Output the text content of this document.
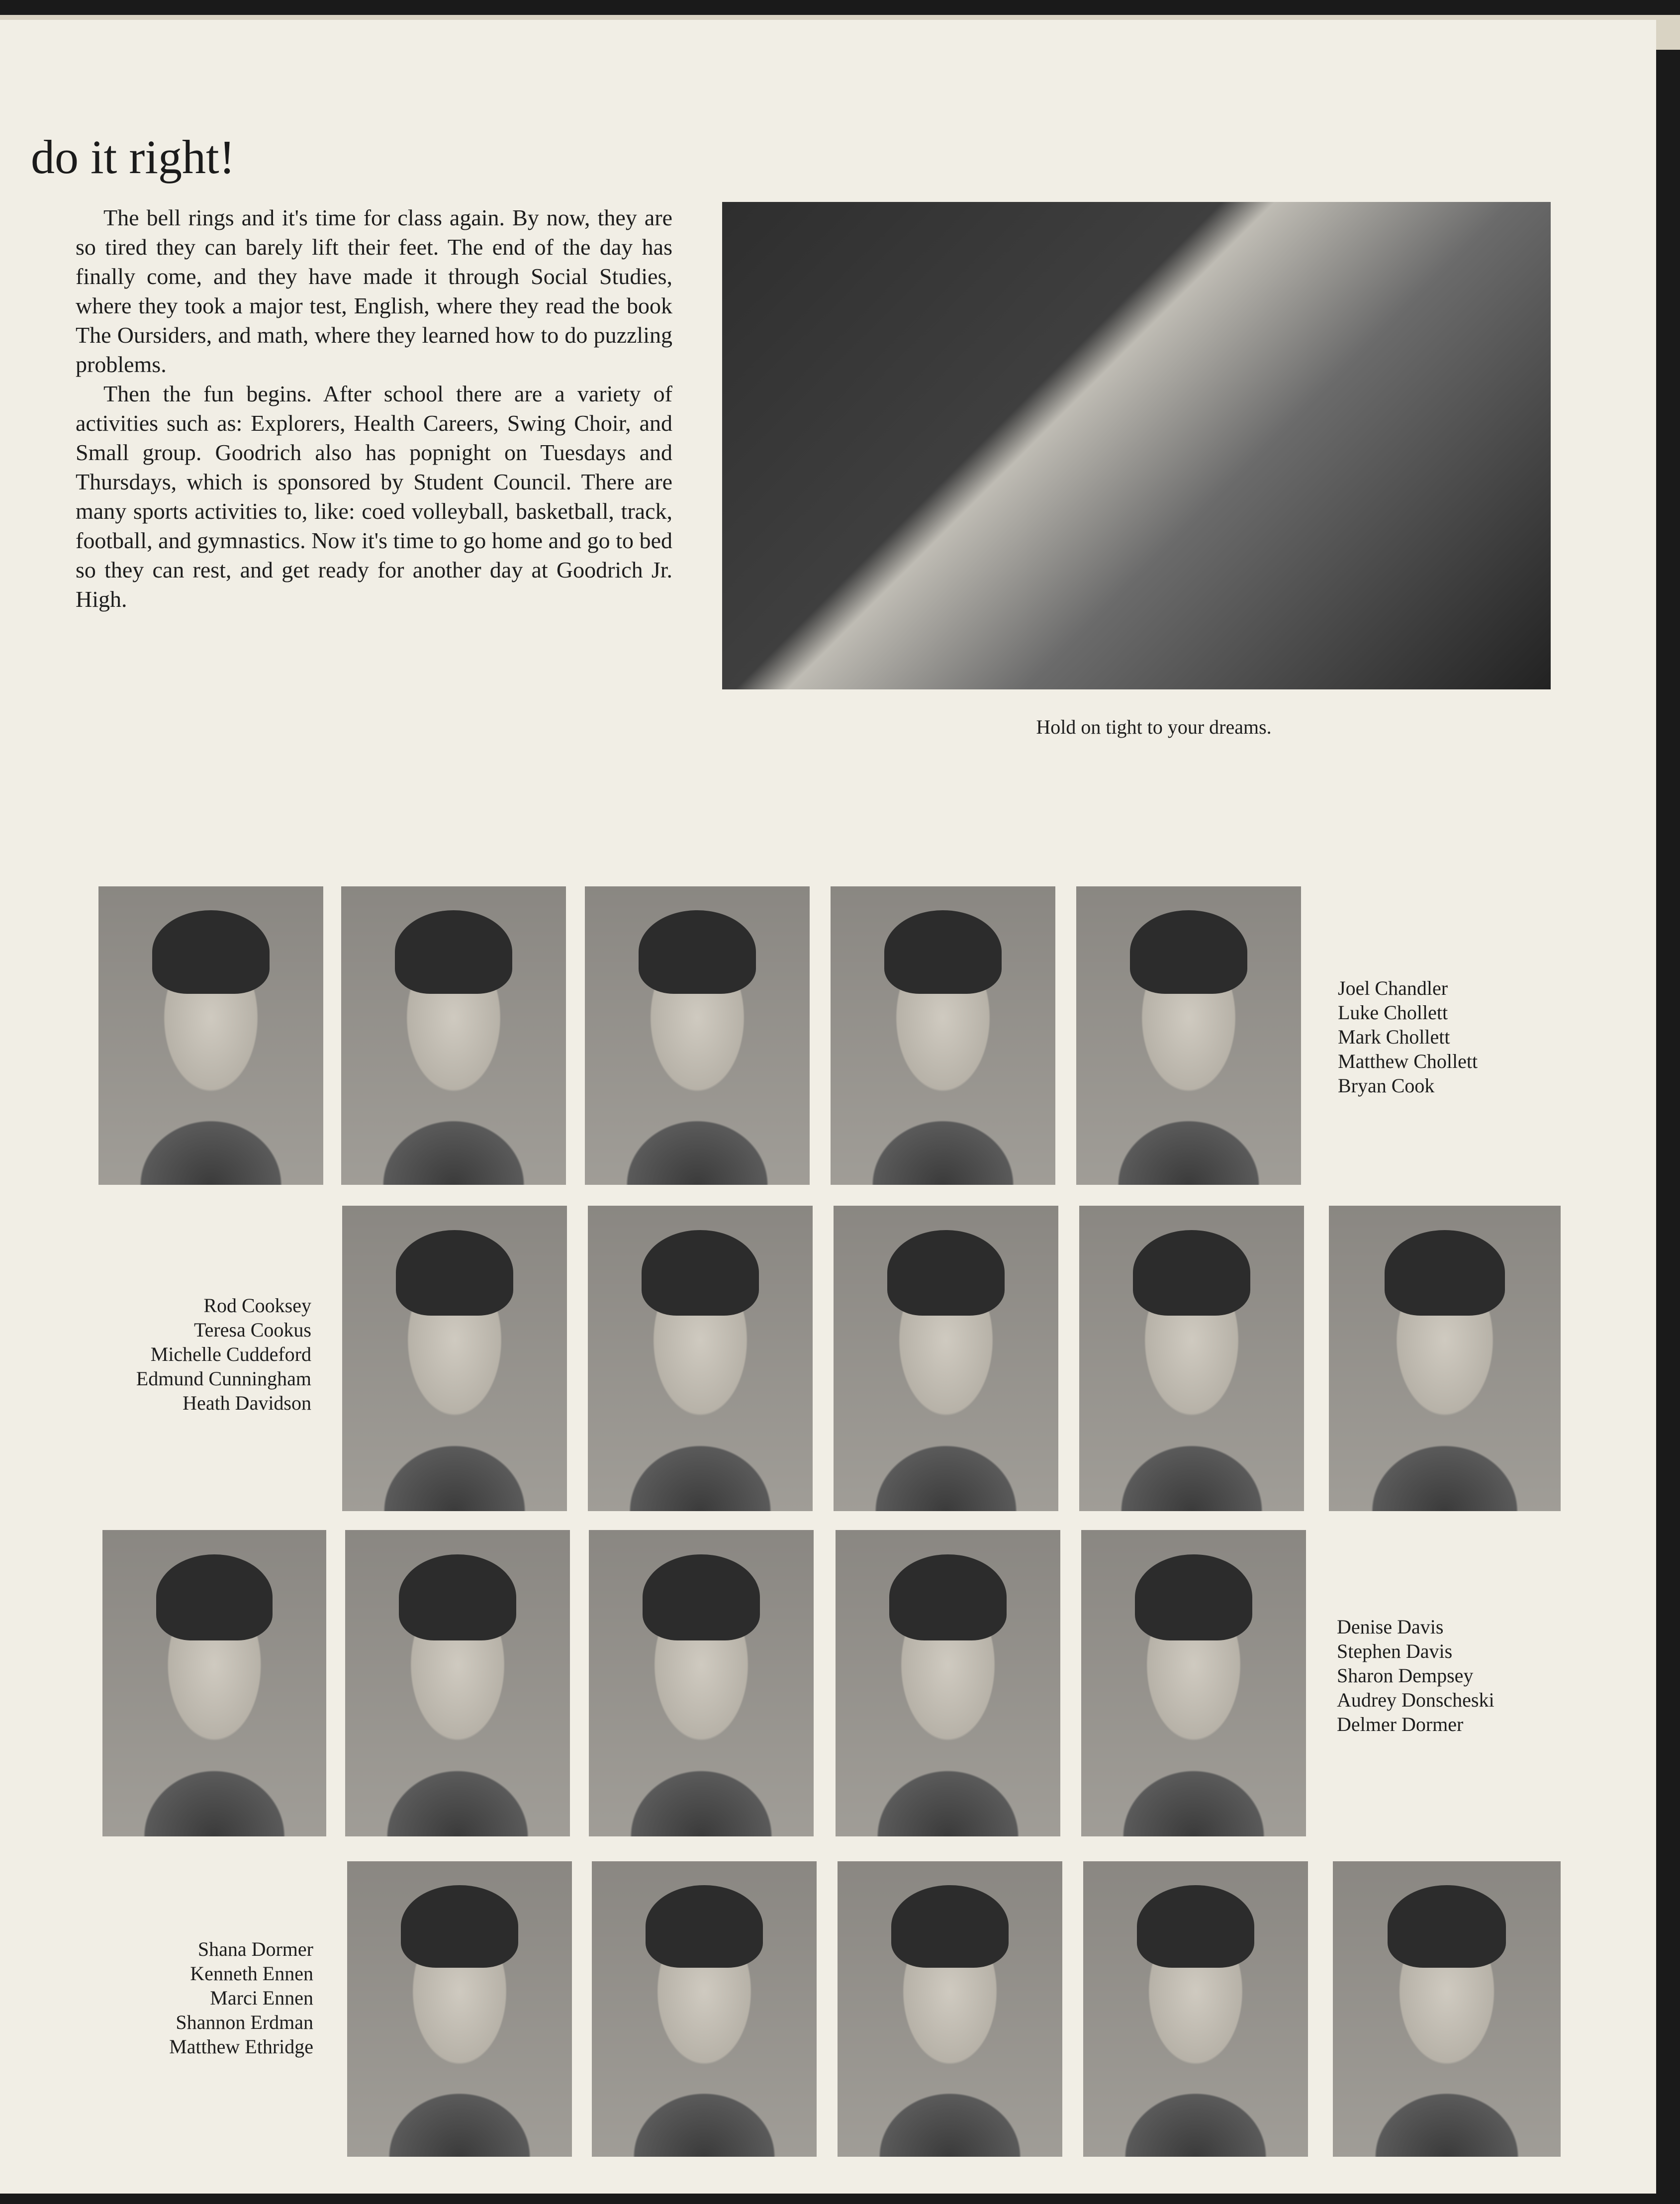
do it right!

The bell rings and it's time for class again. By now, they are so tired they can barely lift their feet. The end of the day has finally come, and they have made it through Social Studies, where they took a major test, English, where they read the book The Oursiders, and math, where they learned how to do puzzling problems.

Then the fun begins. After school there are a variety of activities such as: Explorers, Health Careers, Swing Choir, and Small group. Goodrich also has popnight on Tuesdays and Thursdays, which is sponsored by Student Council. There are many sports activities to, like: coed volleyball, basketball, track, football, and gymnastics. Now it's time to go home and go to bed so they can rest, and get ready for another day at Goodrich Jr. High.

Hold on tight to your dreams.
Joel Chandler
Luke Chollett
Mark Chollett
Matthew Chollett
Bryan Cook
Rod Cooksey
Teresa Cookus
Michelle Cuddeford
Edmund Cunningham
Heath Davidson
Denise Davis
Stephen Davis
Sharon Dempsey
Audrey Donscheski
Delmer Dormer
Shana Dormer
Kenneth Ennen
Marci Ennen
Shannon Erdman
Matthew Ethridge
